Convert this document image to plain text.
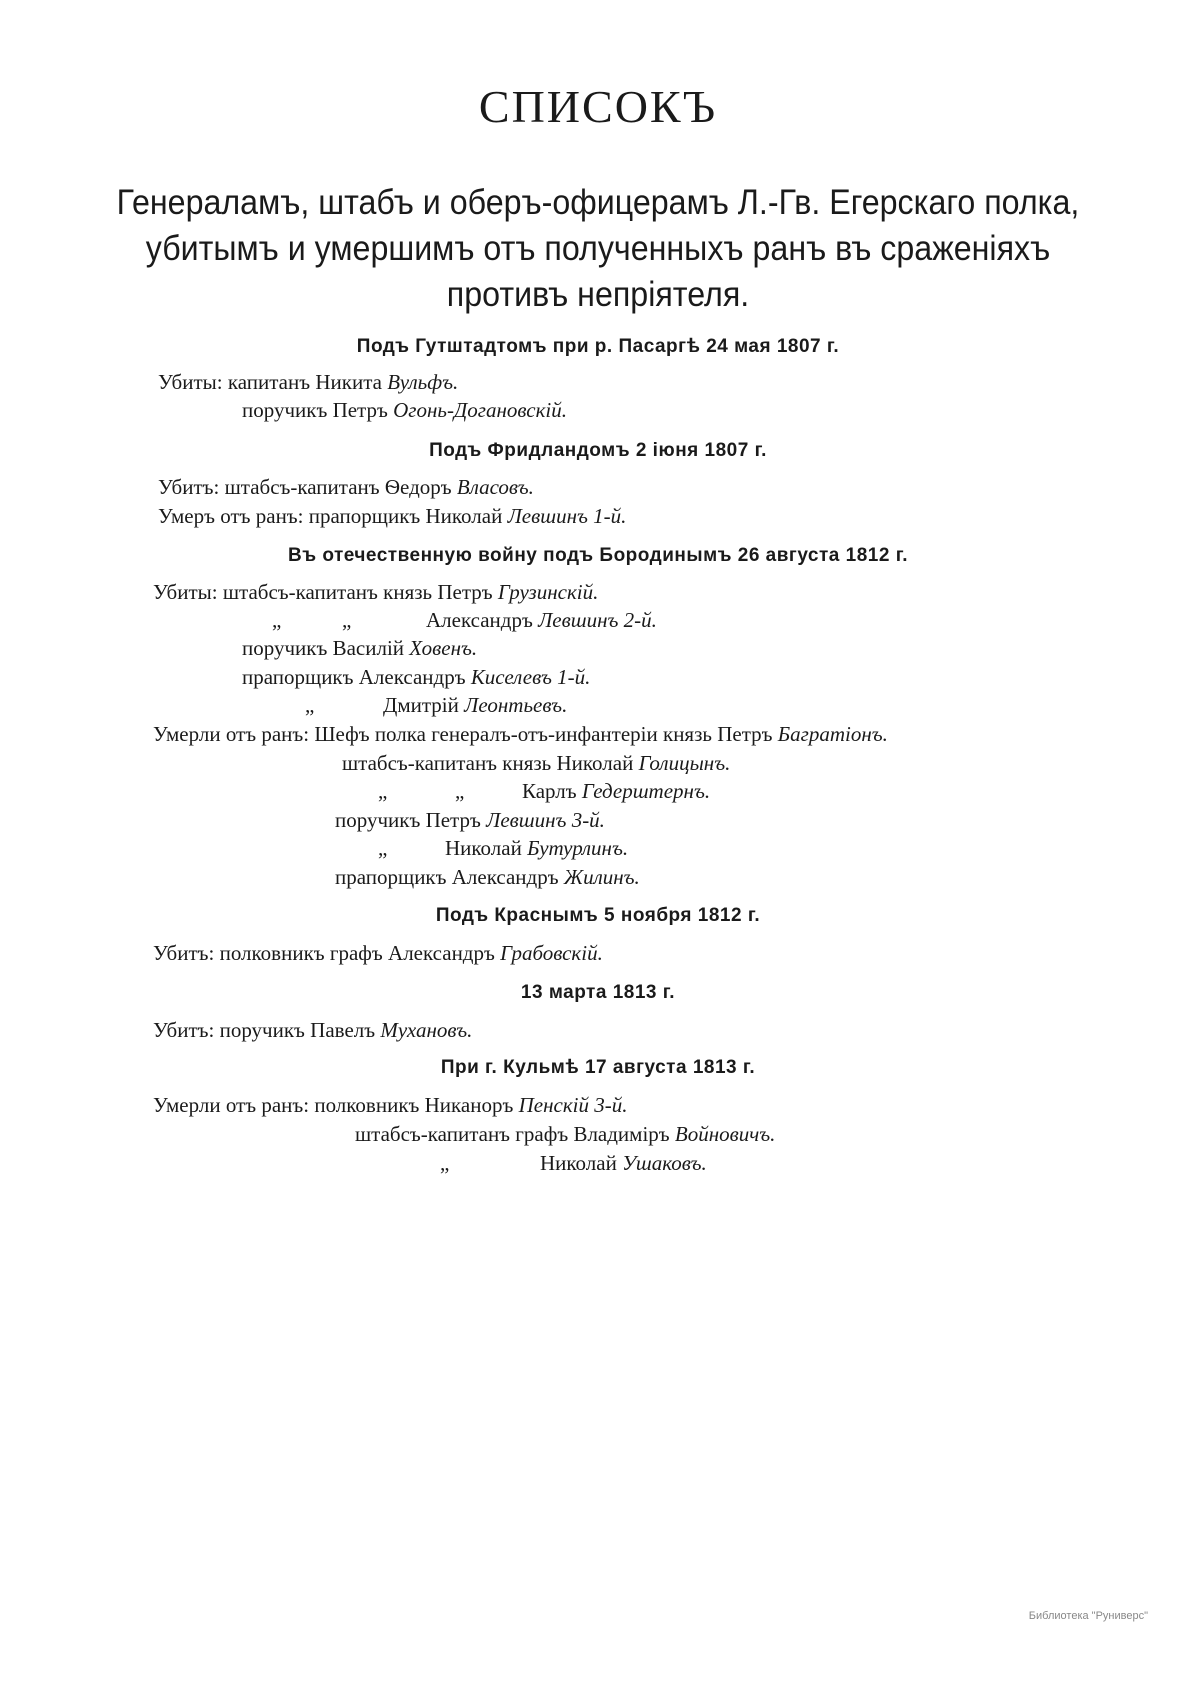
СПИСОКЪ
Генераламъ, штабъ и оберъ-офицерамъ Л.-Гв. Егерскаго полка,
убитымъ и умершимъ отъ полученныхъ ранъ въ сраженіяхъ
противъ непріятеля.
Подъ Гутштадтомъ при р. Пасаргѣ 24 мая 1807 г.
Убиты: капитанъ Никита Вульфъ.
поручикъ Петръ Огонь-Догановскій.
Подъ Фридландомъ 2 іюня 1807 г.
Убитъ: штабсъ-капитанъ Ѳедоръ Власовъ.
Умеръ отъ ранъ: прапорщикъ Николай Левшинъ 1-й.
Въ отечественную войну подъ Бородинымъ 26 августа 1812 г.
Убиты: штабсъ-капитанъ князь Петръ Грузинскій.
„	„	Александръ Левшинъ 2-й.
поручикъ Василій Ховенъ.
прапорщикъ Александръ Киселевъ 1-й.
„	Дмитрій Леонтьевъ.
Умерли отъ ранъ: Шефъ полка генералъ-отъ-инфантеріи князь Петръ Багратіонъ.
штабсъ-капитанъ князь Николай Голицынъ.
„	„	Карлъ Гедерштернъ.
поручикъ Петръ Левшинъ 3-й.
„	Николай Бутурлинъ.
прапорщикъ Александръ Жилинъ.
Подъ Краснымъ 5 ноября 1812 г.
Убитъ: полковникъ графъ Александръ Грабовскій.
13 марта 1813 г.
Убитъ: поручикъ Павелъ Мухановъ.
При г. Кульмѣ 17 августа 1813 г.
Умерли отъ ранъ: полковникъ Никаноръ Пенскій 3-й.
штабсъ-капитанъ графъ Владиміръ Войновичъ.
„	Николай Ушаковъ.
Библиотека "Руниверс"
